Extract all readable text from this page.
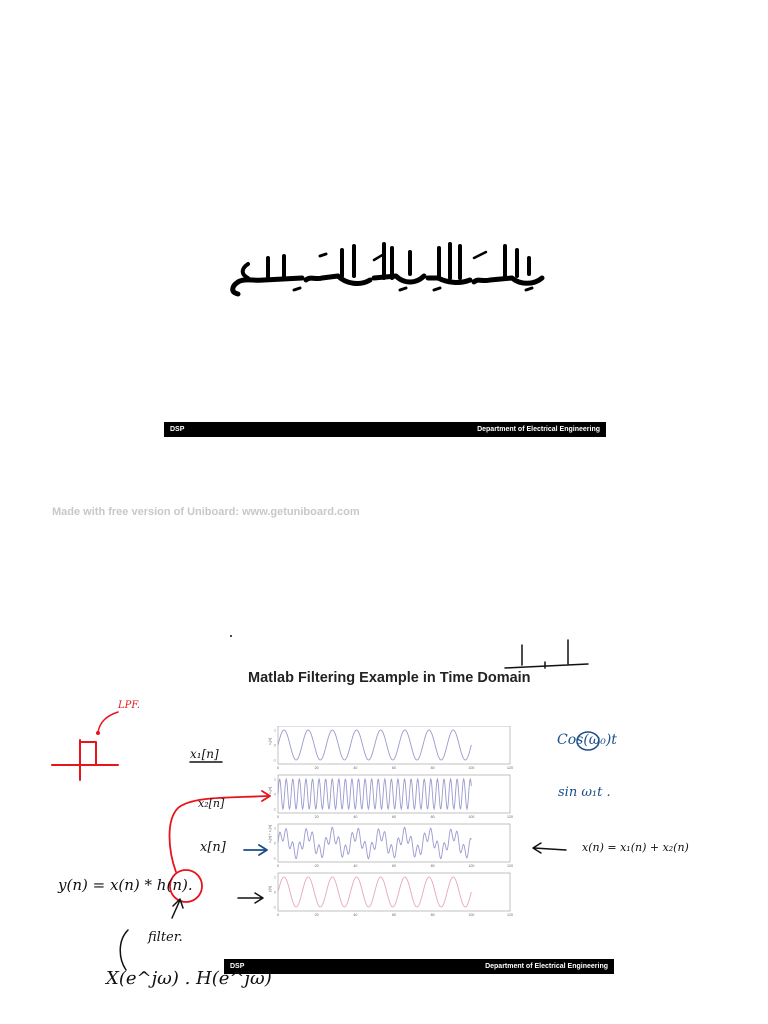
DSP	Department of Electrical Engineering
Made with free version of Uniboard: www.getuniboard.com
Matlab Filtering Example in Time Domain
x₁[n]
1
0
-1
0	20	40	60	80	100	120
x₂[n]
1
0
-1
0	20	40	60	80	100	120
x₁[n] + x₂[n] 1
0
-1
0	20	40	60	80	100	120
y[n]
1
0
-1
0	20	40	60	80	100	120
DSP	Department of Electrical Engineering
LPF.
x₁[n]
x₂[n]
x[n]
Cos(ω₀)t
sin ω₁t .
x(n) = x₁(n) + x₂(n)
y(n) = x(n) * h(n).
filter.
X(e^jω) . H(e^jω)
